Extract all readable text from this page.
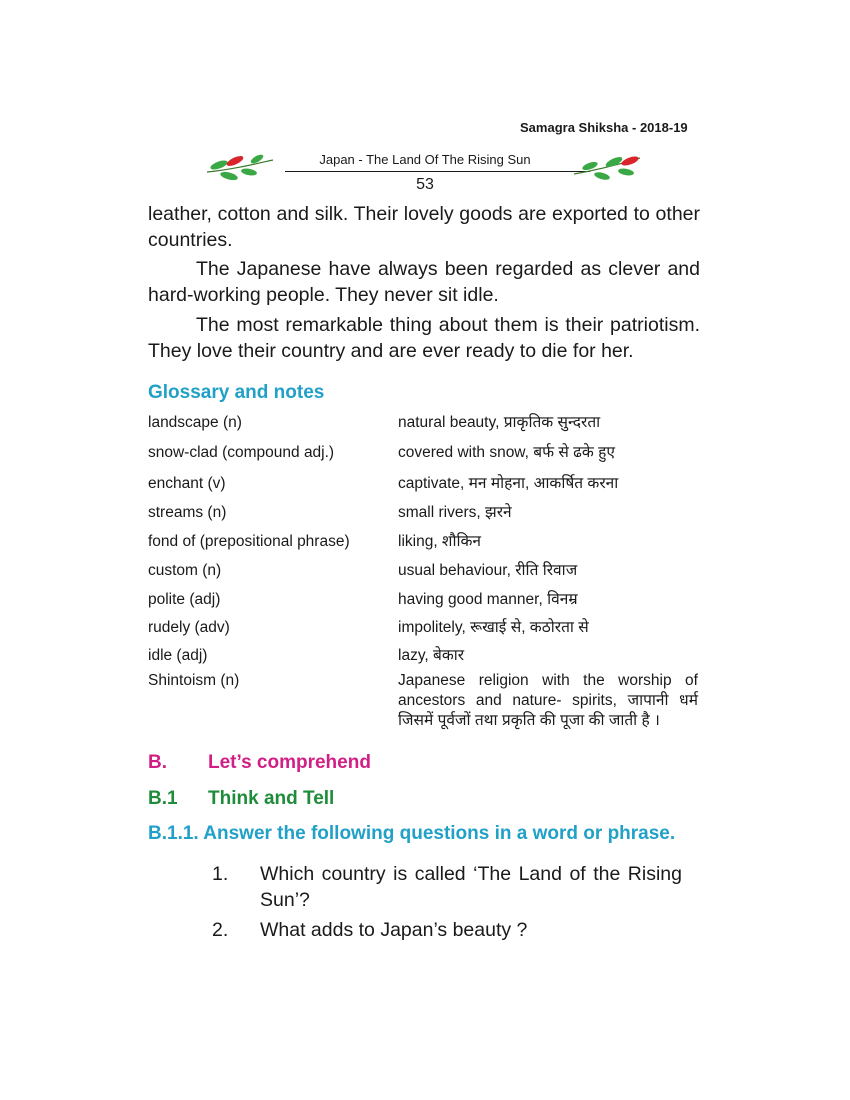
Samagra Shiksha - 2018-19
Japan - The Land Of The Rising Sun
53
leather, cotton and silk. Their lovely goods are exported to other countries.
The Japanese have always been regarded as clever and hard-working people. They never sit idle.
The most remarkable thing about them is their patriotism. They love their country and are ever ready to die for her.
Glossary and notes
landscape (n)	natural beauty, प्राकृतिक सुन्दरता
snow-clad (compound adj.)	covered with snow, बर्फ से ढके हुए
enchant (v)	captivate, मन मोहना, आकर्षित करना
streams (n)	small rivers, झरने
fond of (prepositional phrase)	liking, शौकिन
custom (n)	usual behaviour, रीति रिवाज
polite (adj)	having good manner, विनम्र
rudely (adv)	impolitely, रूखाई से, कठोरता से
idle (adj)	lazy, बेकार
Shintoism (n)	Japanese religion with the worship of ancestors and nature- spirits, जापानी धर्म जिसमें पूर्वजों तथा प्रकृति की पूजा की जाती है ।
B. Let’s comprehend
B.1 Think and Tell
B.1.1. Answer the following questions in a word or phrase.
1. Which country is called ‘The Land of the Rising Sun’?
2. What adds to Japan’s beauty ?
